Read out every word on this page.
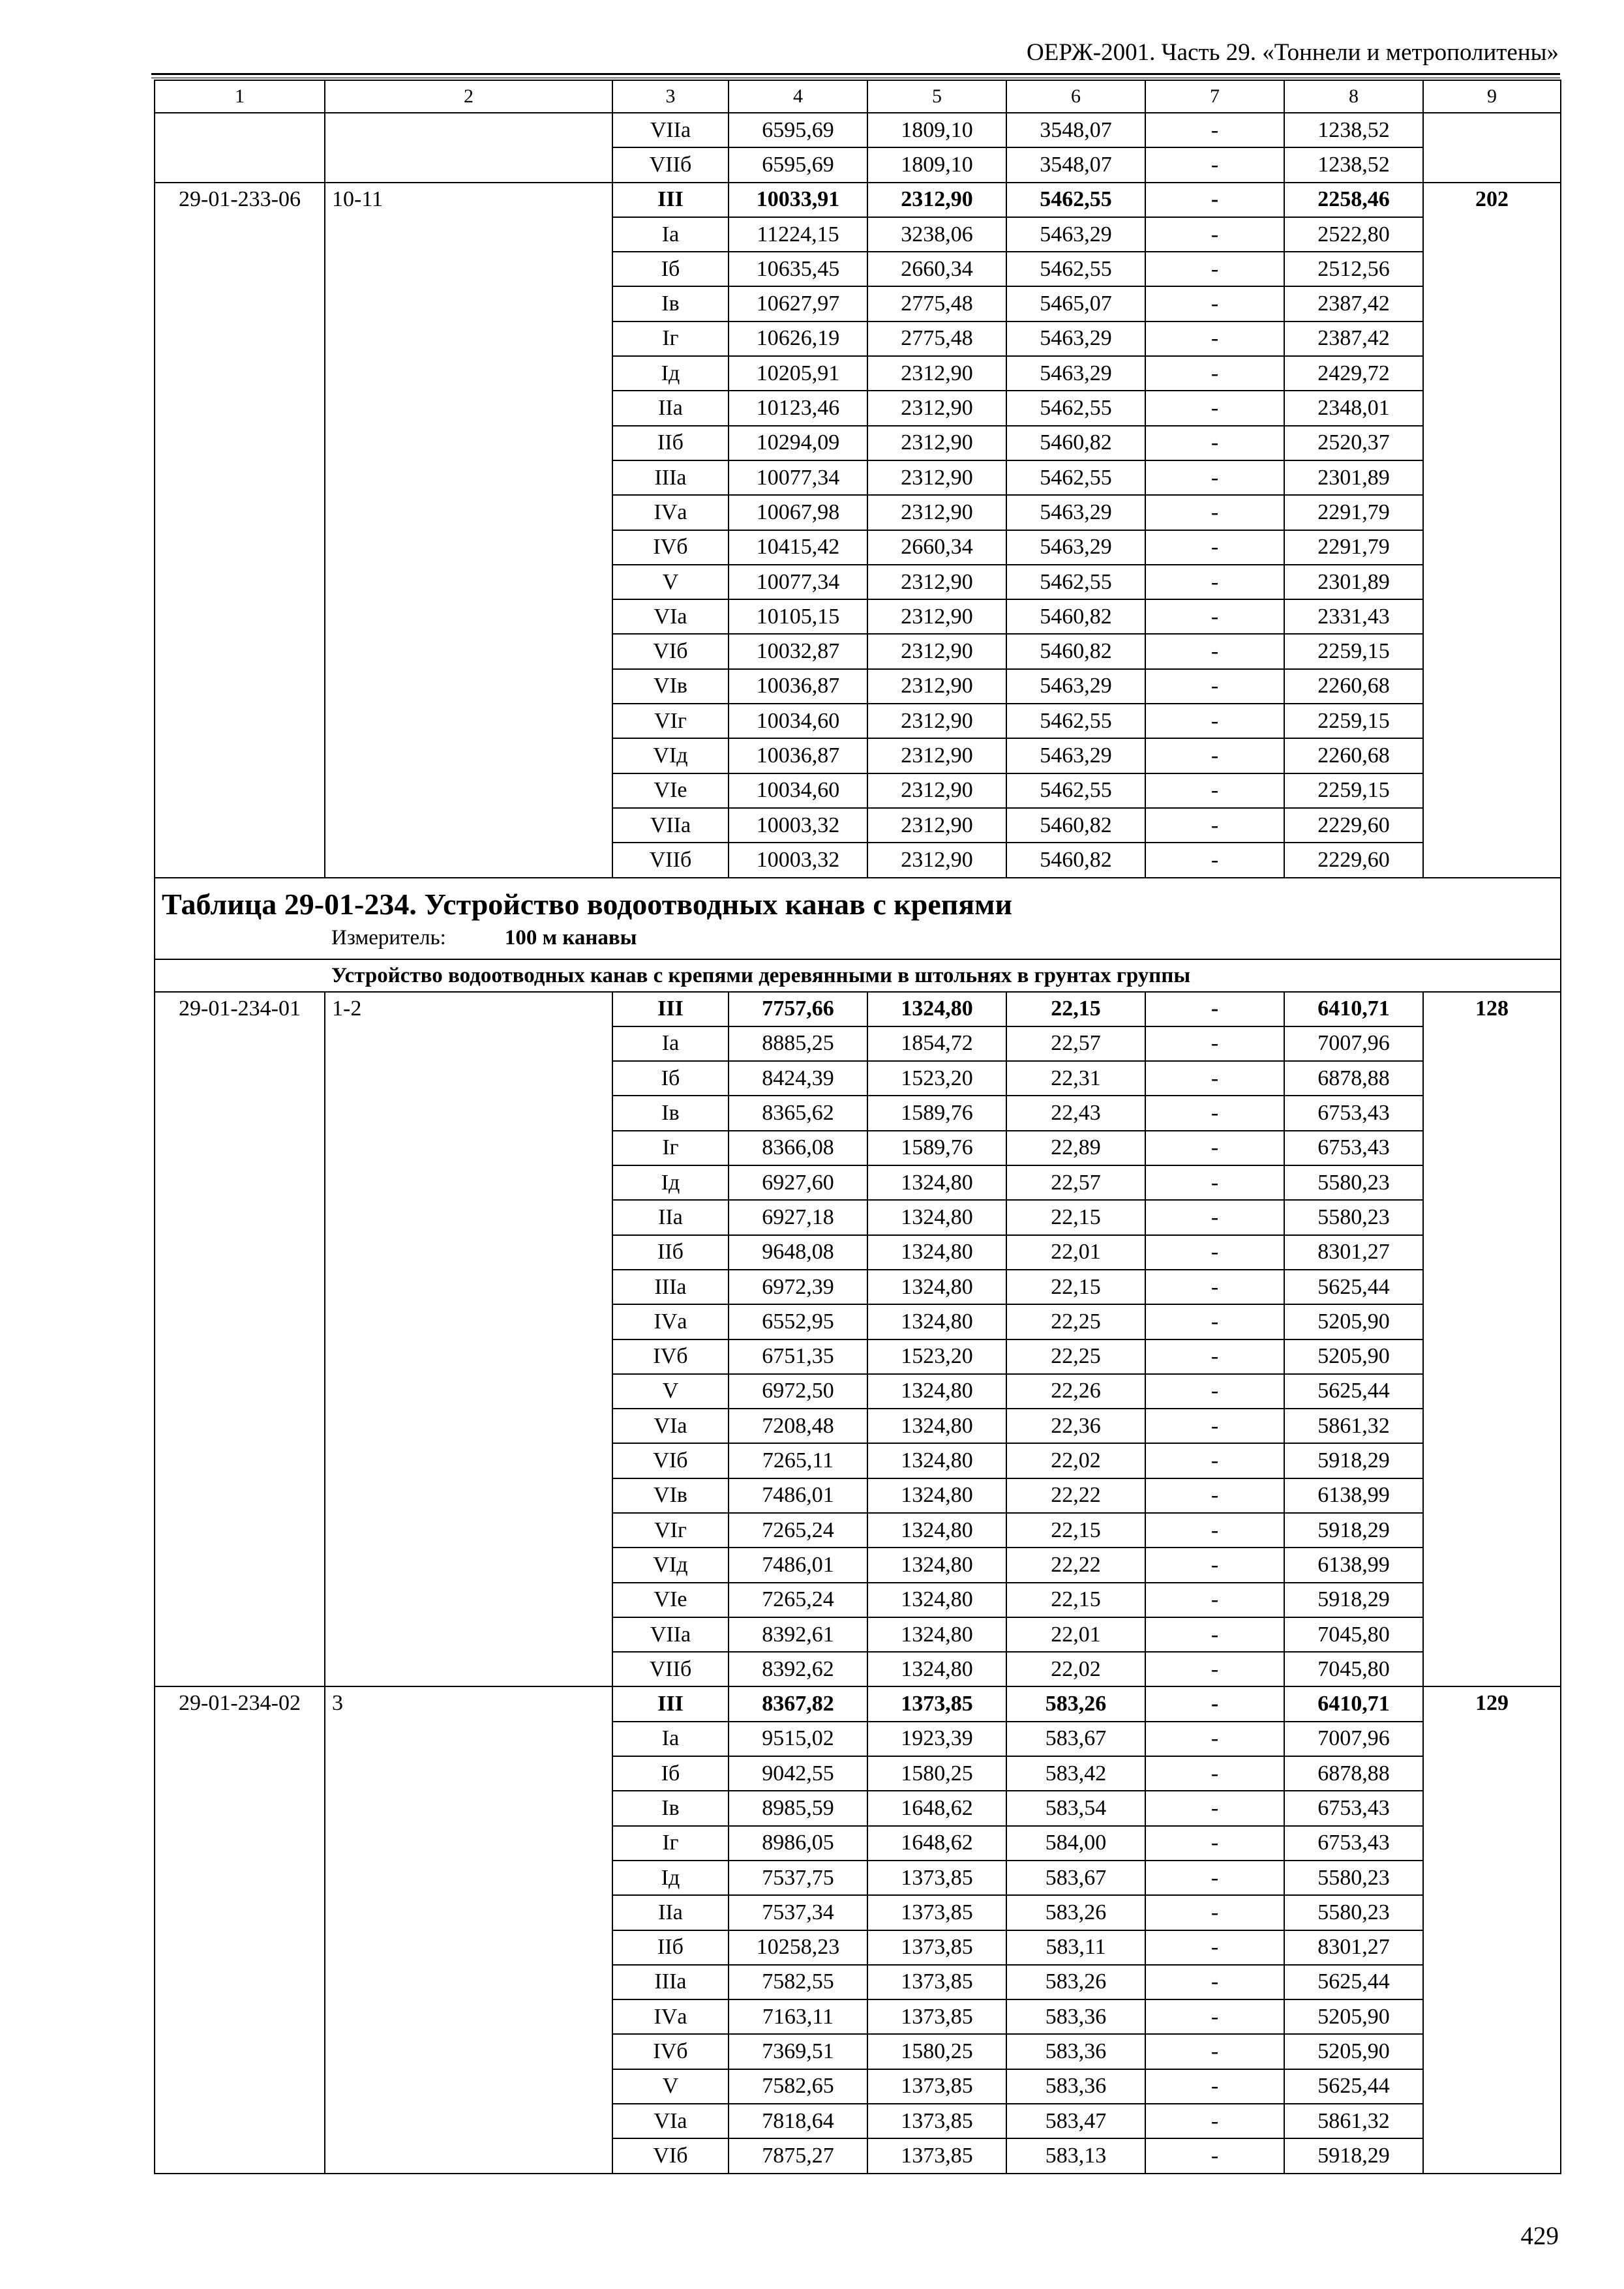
ОЕРЖ-2001. Часть 29. «Тоннели и метрополитены»
1	2	3	4	5	6	7	8	9
		VIIа	6595,69	1809,10	3548,07	-	1238,52	
		VIIб	6595,69	1809,10	3548,07	-	1238,52	
29-01-233-06	10-11	III	10033,91	2312,90	5462,55	-	2258,46	202
		Iа	11224,15	3238,06	5463,29	-	2522,80	
		Iб	10635,45	2660,34	5462,55	-	2512,56	
		Iв	10627,97	2775,48	5465,07	-	2387,42	
		Iг	10626,19	2775,48	5463,29	-	2387,42	
		Iд	10205,91	2312,90	5463,29	-	2429,72	
		IIа	10123,46	2312,90	5462,55	-	2348,01	
		IIб	10294,09	2312,90	5460,82	-	2520,37	
		IIIа	10077,34	2312,90	5462,55	-	2301,89	
		IVа	10067,98	2312,90	5463,29	-	2291,79	
		IVб	10415,42	2660,34	5463,29	-	2291,79	
		V	10077,34	2312,90	5462,55	-	2301,89	
		VIа	10105,15	2312,90	5460,82	-	2331,43	
		VIб	10032,87	2312,90	5460,82	-	2259,15	
		VIв	10036,87	2312,90	5463,29	-	2260,68	
		VIг	10034,60	2312,90	5462,55	-	2259,15	
		VIд	10036,87	2312,90	5463,29	-	2260,68	
		VIе	10034,60	2312,90	5462,55	-	2259,15	
		VIIа	10003,32	2312,90	5460,82	-	2229,60	
		VIIб	10003,32	2312,90	5460,82	-	2229,60	

Таблица 29-01-234. Устройство водоотводных канав с крепями
Измеритель: 100 м канавы								

Устройство водоотводных канав с крепями деревянными в штольнях в грунтах группы								
29-01-234-01	1-2	III	7757,66	1324,80	22,15	-	6410,71	128
		Iа	8885,25	1854,72	22,57	-	7007,96	
		Iб	8424,39	1523,20	22,31	-	6878,88	
		Iв	8365,62	1589,76	22,43	-	6753,43	
		Iг	8366,08	1589,76	22,89	-	6753,43	
		Iд	6927,60	1324,80	22,57	-	5580,23	
		IIа	6927,18	1324,80	22,15	-	5580,23	
		IIб	9648,08	1324,80	22,01	-	8301,27	
		IIIа	6972,39	1324,80	22,15	-	5625,44	
		IVа	6552,95	1324,80	22,25	-	5205,90	
		IVб	6751,35	1523,20	22,25	-	5205,90	
		V	6972,50	1324,80	22,26	-	5625,44	
		VIа	7208,48	1324,80	22,36	-	5861,32	
		VIб	7265,11	1324,80	22,02	-	5918,29	
		VIв	7486,01	1324,80	22,22	-	6138,99	
		VIг	7265,24	1324,80	22,15	-	5918,29	
		VIд	7486,01	1324,80	22,22	-	6138,99	
		VIе	7265,24	1324,80	22,15	-	5918,29	
		VIIа	8392,61	1324,80	22,01	-	7045,80	
		VIIб	8392,62	1324,80	22,02	-	7045,80	
29-01-234-02	3	III	8367,82	1373,85	583,26	-	6410,71	129
		Iа	9515,02	1923,39	583,67	-	7007,96	
		Iб	9042,55	1580,25	583,42	-	6878,88	
		Iв	8985,59	1648,62	583,54	-	6753,43	
		Iг	8986,05	1648,62	584,00	-	6753,43	
		Iд	7537,75	1373,85	583,67	-	5580,23	
		IIа	7537,34	1373,85	583,26	-	5580,23	
		IIб	10258,23	1373,85	583,11	-	8301,27	
		IIIа	7582,55	1373,85	583,26	-	5625,44	
		IVа	7163,11	1373,85	583,36	-	5205,90	
		IVб	7369,51	1580,25	583,36	-	5205,90	
		V	7582,65	1373,85	583,36	-	5625,44	
		VIа	7818,64	1373,85	583,47	-	5861,32	
		VIб	7875,27	1373,85	583,13	-	5918,29	
429
